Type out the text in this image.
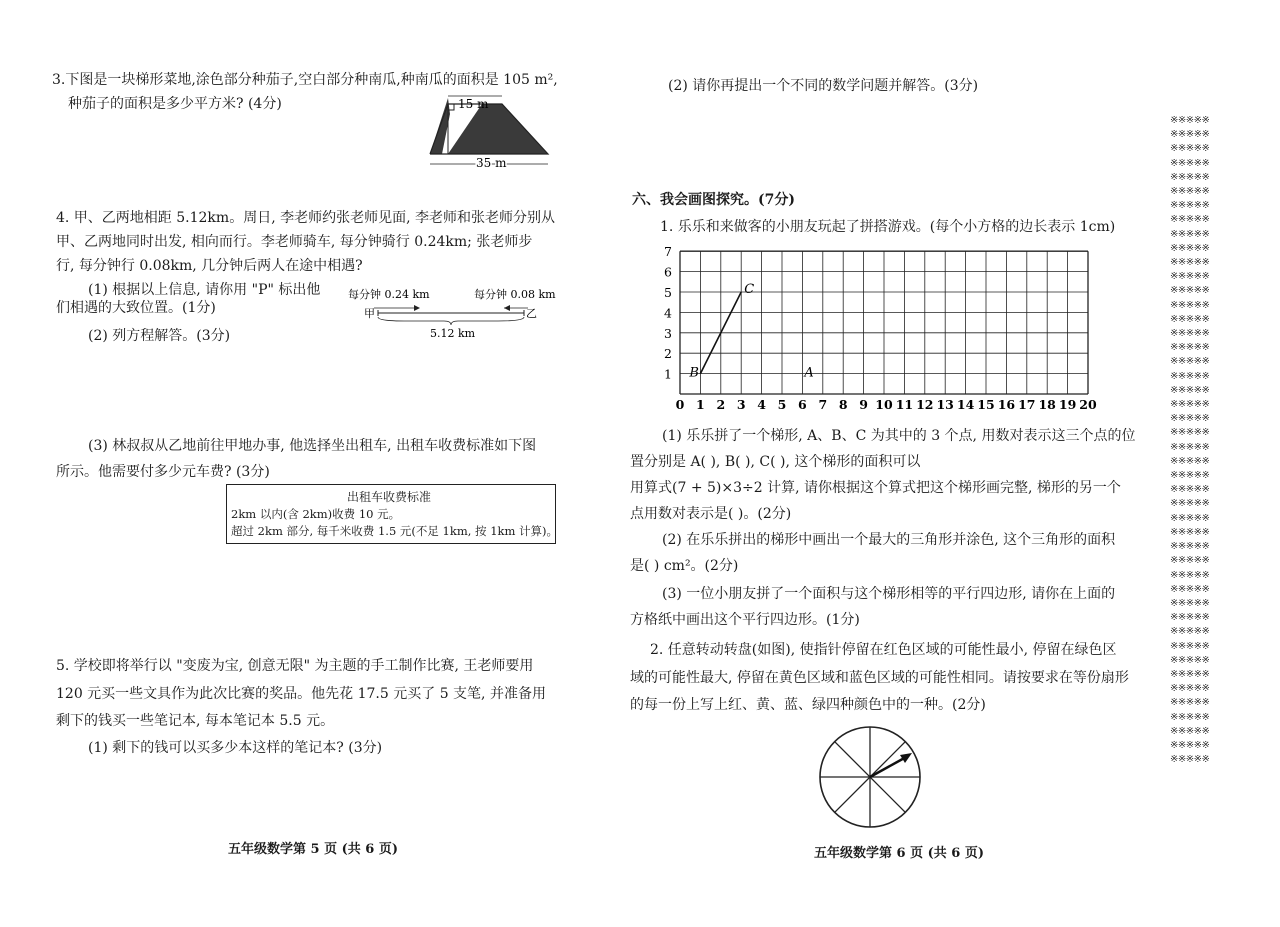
3.下图是一块梯形菜地,涂色部分种茄子,空白部分种南瓜,种南瓜的面积是 105 m²,
种茄子的面积是多少平方米? (4分)	15 m
35 m
4. 甲、乙两地相距 5.12km。周日, 李老师约张老师见面, 李老师和张老师分别从
甲、乙两地同时出发, 相向而行。李老师骑车, 每分钟骑行 0.24km; 张老师步
行, 每分钟行 0.08km, 几分钟后两人在途中相遇?
(1) 根据以上信息, 请你用 "P" 标出他
们相遇的大致位置。(1分)
(2) 列方程解答。(3分)
每分钟 0.24 km	每分钟 0.08 km
甲	乙
5.12 km
(3) 林叔叔从乙地前往甲地办事, 他选择坐出租车, 出租车收费标准如下图
所示。他需要付多少元车费? (3分)
出租车收费标准
2km 以内(含 2km)收费 10 元。
超过 2km 部分, 每千米收费 1.5 元(不足 1km, 按 1km 计算)。
5. 学校即将举行以 "变废为宝, 创意无限" 为主题的手工制作比赛, 王老师要用
120 元买一些文具作为此次比赛的奖品。他先花 17.5 元买了 5 支笔, 并准备用
剩下的钱买一些笔记本, 每本笔记本 5.5 元。
(1) 剩下的钱可以买多少本这样的笔记本? (3分)
五年级数学第 5 页 (共 6 页)
(2) 请你再提出一个不同的数学问题并解答。(3分)
六、我会画图探究。(7分)
1. 乐乐和来做客的小朋友玩起了拼搭游戏。(每个小方格的边长表示 1cm)
0 1 2 3 4 5 6 7 8 9 10 11 12 13 14 15 16 17 18 19 20
1
2
3
4
5
6
7
B
C
A
(1) 乐乐拼了一个梯形, A、B、C 为其中的 3 个点, 用数对表示这三个点的位
置分别是 A( ), B( ), C( ), 这个梯形的面积可以
用算式(7 + 5)×3÷2 计算, 请你根据这个算式把这个梯形画完整, 梯形的另一个
点用数对表示是( )。(2分)
(2) 在乐乐拼出的梯形中画出一个最大的三角形并涂色, 这个三角形的面积
是( ) cm²。(2分)
(3) 一位小朋友拼了一个面积与这个梯形相等的平行四边形, 请你在上面的
方格纸中画出这个平行四边形。(1分)
2. 任意转动转盘(如图), 使指针停留在红色区域的可能性最小, 停留在绿色区
域的可能性最大, 停留在黄色区域和蓝色区域的可能性相同。请按要求在等份扇形
的每一份上写上红、黄、蓝、绿四种颜色中的一种。(2分)
五年级数学第 6 页 (共 6 页)
※※※※※
※※※※※
※※※※※
※※※※※
※※※※※
※※※※※
※※※※※
※※※※※
※※※※※
※※※※※
※※※※※
※※※※※
※※※※※
※※※※※
※※※※※
※※※※※
※※※※※
※※※※※
※※※※※
※※※※※
※※※※※
※※※※※
※※※※※
※※※※※
※※※※※
※※※※※
※※※※※
※※※※※
※※※※※
※※※※※
※※※※※
※※※※※
※※※※※
※※※※※
※※※※※
※※※※※
※※※※※
※※※※※
※※※※※
※※※※※
※※※※※
※※※※※
※※※※※
※※※※※
※※※※※
※※※※※
